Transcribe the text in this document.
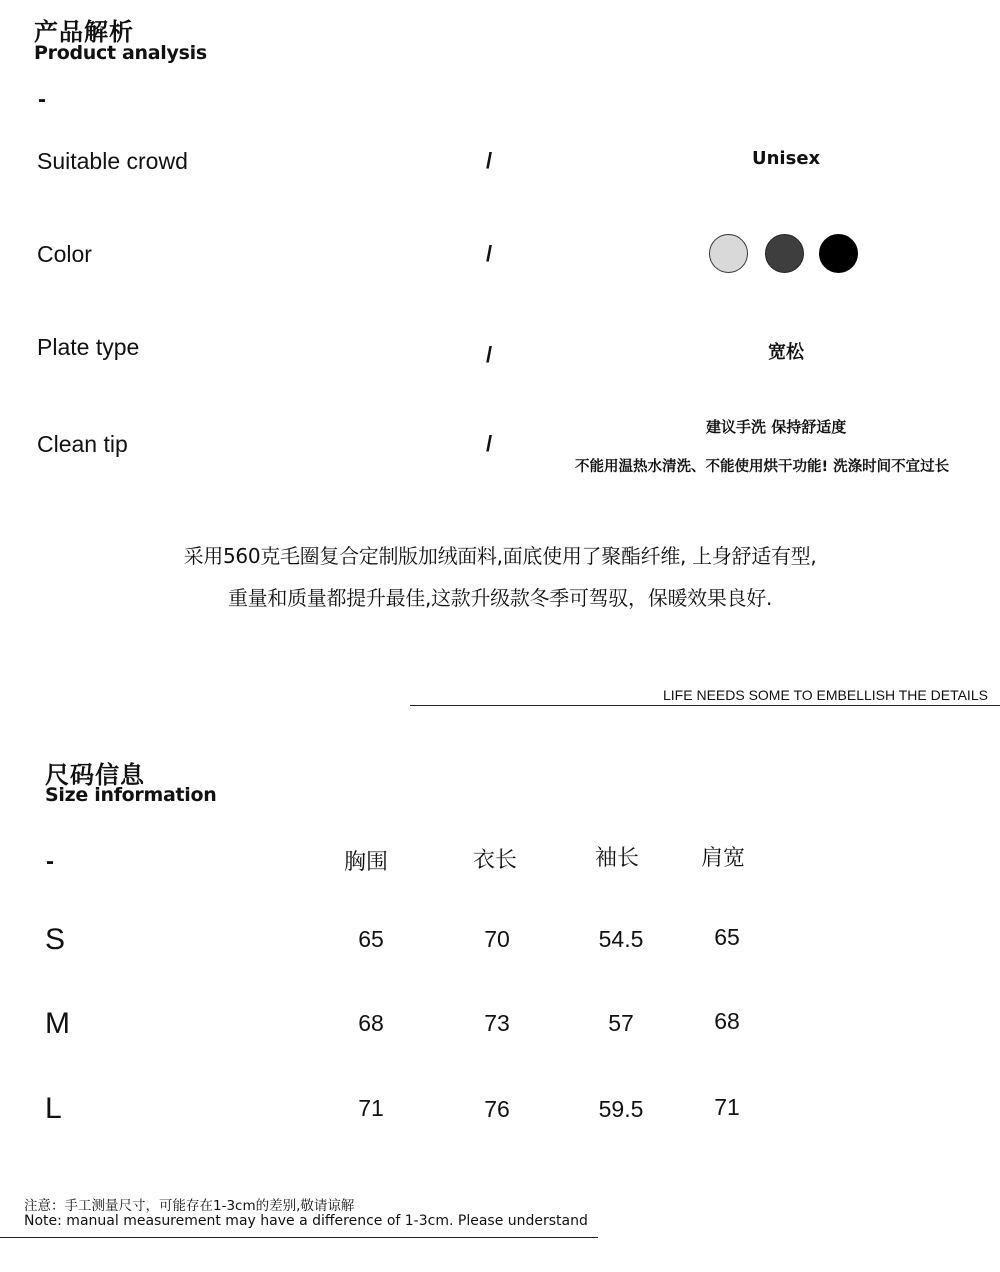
产品解析
Product analysis
-
Suitable crowd	/	Unisex
Color	/
Plate type	/	宽松
Clean tip	/
建议手洗 保持舒适度
不能用温热水清洗、不能使用烘干功能! 洗涤时间不宜过长
采用560克毛圈复合定制版加绒面料,面底使用了聚酯纤维, 上身舒适有型,
重量和质量都提升最佳,这款升级款冬季可驾驭，保暖效果良好.
LIFE NEEDS SOME TO EMBELLISH THE DETAILS
尺码信息
Size information
-	胸围	衣长	袖长	肩宽
S	65	70	54.5	65
M	68	73	57	68
L	71	76	59.5	71
注意：手工测量尺寸，可能存在1-3cm的差别,敬请谅解
Note: manual measurement may have a difference of 1-3cm. Please understand
